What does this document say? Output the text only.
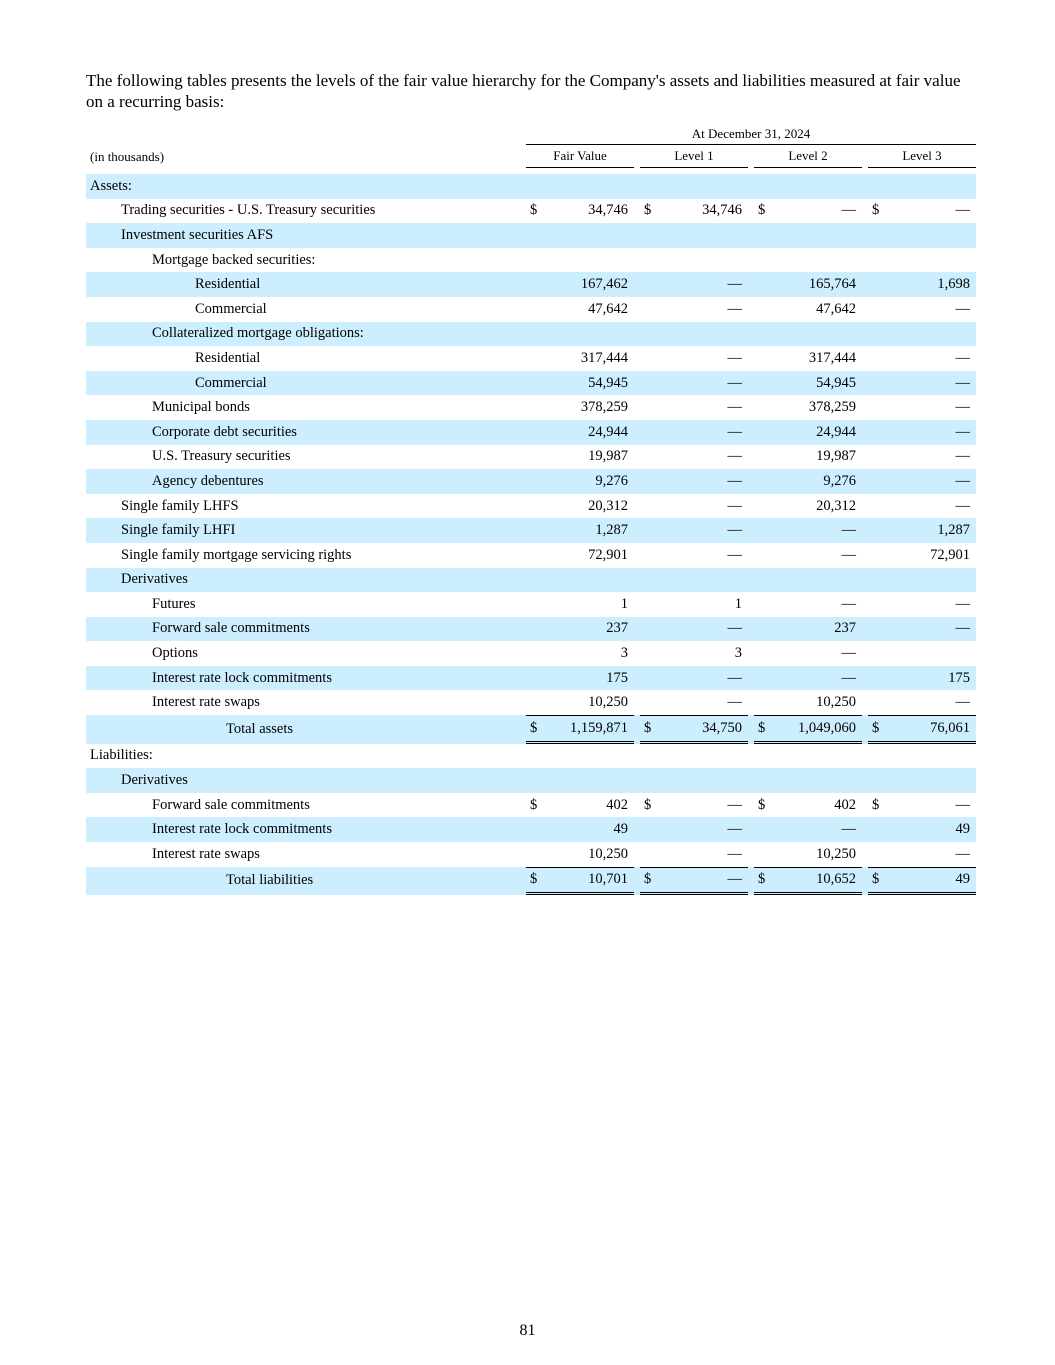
The following tables presents the levels of the fair value hierarchy for the Company's assets and liabilities measured at fair value on a recurring basis:
		At December 31, 2024										
(in thousands)		Fair Value			Level 1			Level 2			Level 3	

Assets:												
Trading securities - U.S. Treasury securities		$	34,746		$	34,746		$	—		$	—
Investment securities AFS												
Mortgage backed securities:												
Residential			167,462			—			165,764			1,698
Commercial			47,642			—			47,642			—
Collateralized mortgage obligations:												
Residential			317,444			—			317,444			—
Commercial			54,945			—			54,945			—
Municipal bonds			378,259			—			378,259			—
Corporate debt securities			24,944			—			24,944			—
U.S. Treasury securities			19,987			—			19,987			—
Agency debentures			9,276			—			9,276			—
Single family LHFS			20,312			—			20,312			—
Single family LHFI			1,287			—			—			1,287
Single family mortgage servicing rights			72,901			—			—			72,901
Derivatives												
Futures			1			1			—			—
Forward sale commitments			237			—			237			—
Options			3			3			—			
Interest rate lock commitments			175			—			—			175
Interest rate swaps			10,250			—			10,250			—
Total assets		$	1,159,871		$	34,750		$	1,049,060		$	76,061
Liabilities:												
Derivatives												
Forward sale commitments		$	402		$	—		$	402		$	—
Interest rate lock commitments			49			—			—			49
Interest rate swaps			10,250			—			10,250			—
Total liabilities		$	10,701		$	—		$	10,652		$	49
81
